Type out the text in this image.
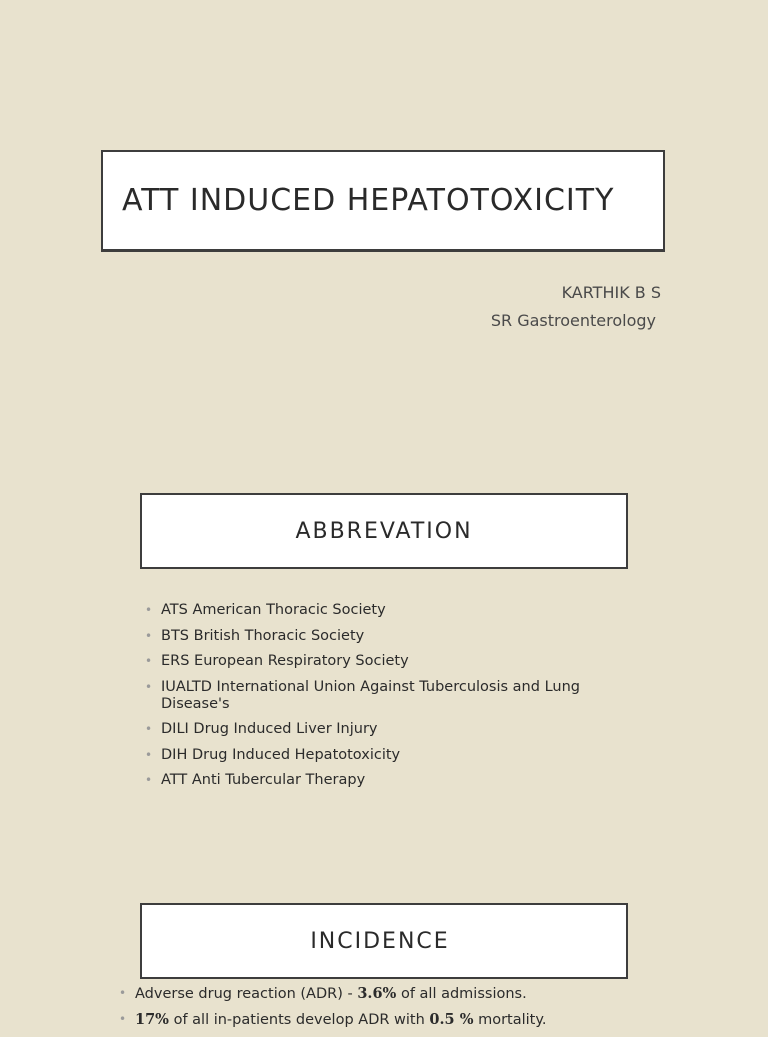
ATT INDUCED HEPATOTOXICITY
KARTHIK B S
SR Gastroenterology
ABBREVATION
• ATS American Thoracic Society
• BTS British Thoracic Society
• ERS European Respiratory Society
• IUALTD International Union Against Tuberculosis and Lung Disease's
• DILI Drug Induced Liver Injury
• DIH Drug Induced Hepatotoxicity
• ATT Anti Tubercular Therapy
INCIDENCE
• Adverse drug reaction (ADR) - 3.6% of all admissions.
• 17% of all in-patients develop ADR with 0.5 % mortality.
